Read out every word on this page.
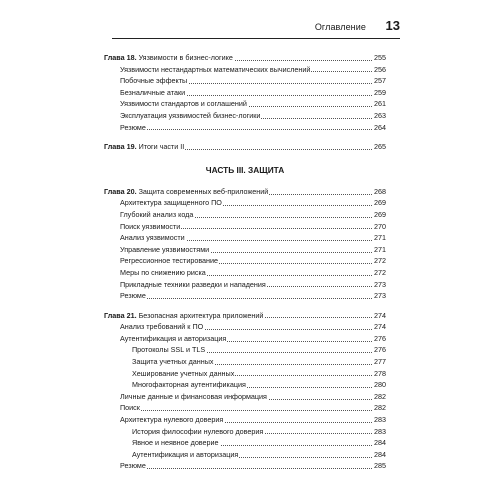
Оглавление 13
Глава 18. Уязвимости в бизнес-логике	255
Уязвимости нестандартных математических вычислений	256
Побочные эффекты	257
Безналичные атаки	259
Уязвимости стандартов и соглашений	261
Эксплуатация уязвимостей бизнес-логики	263
Резюме	264
Глава 19. Итоги части II	265
ЧАСТЬ III. ЗАЩИТА
Глава 20. Защита современных веб-приложений	268
Архитектура защищенного ПО	269
Глубокий анализ кода	269
Поиск уязвимости	270
Анализ уязвимости	271
Управление уязвимостями	271
Регрессионное тестирование	272
Меры по снижению риска	272
Прикладные техники разведки и нападения	273
Резюме	273
Глава 21. Безопасная архитектура приложений	274
Анализ требований к ПО	274
Аутентификация и авторизация	276
Протоколы SSL и TLS	276
Защита учетных данных	277
Хеширование учетных данных	278
Многофакторная аутентификация	280
Личные данные и финансовая информация	282
Поиск	282
Архитектура нулевого доверия	283
История философии нулевого доверия	283
Явное и неявное доверие	284
Аутентификация и авторизация	284
Резюме	285
